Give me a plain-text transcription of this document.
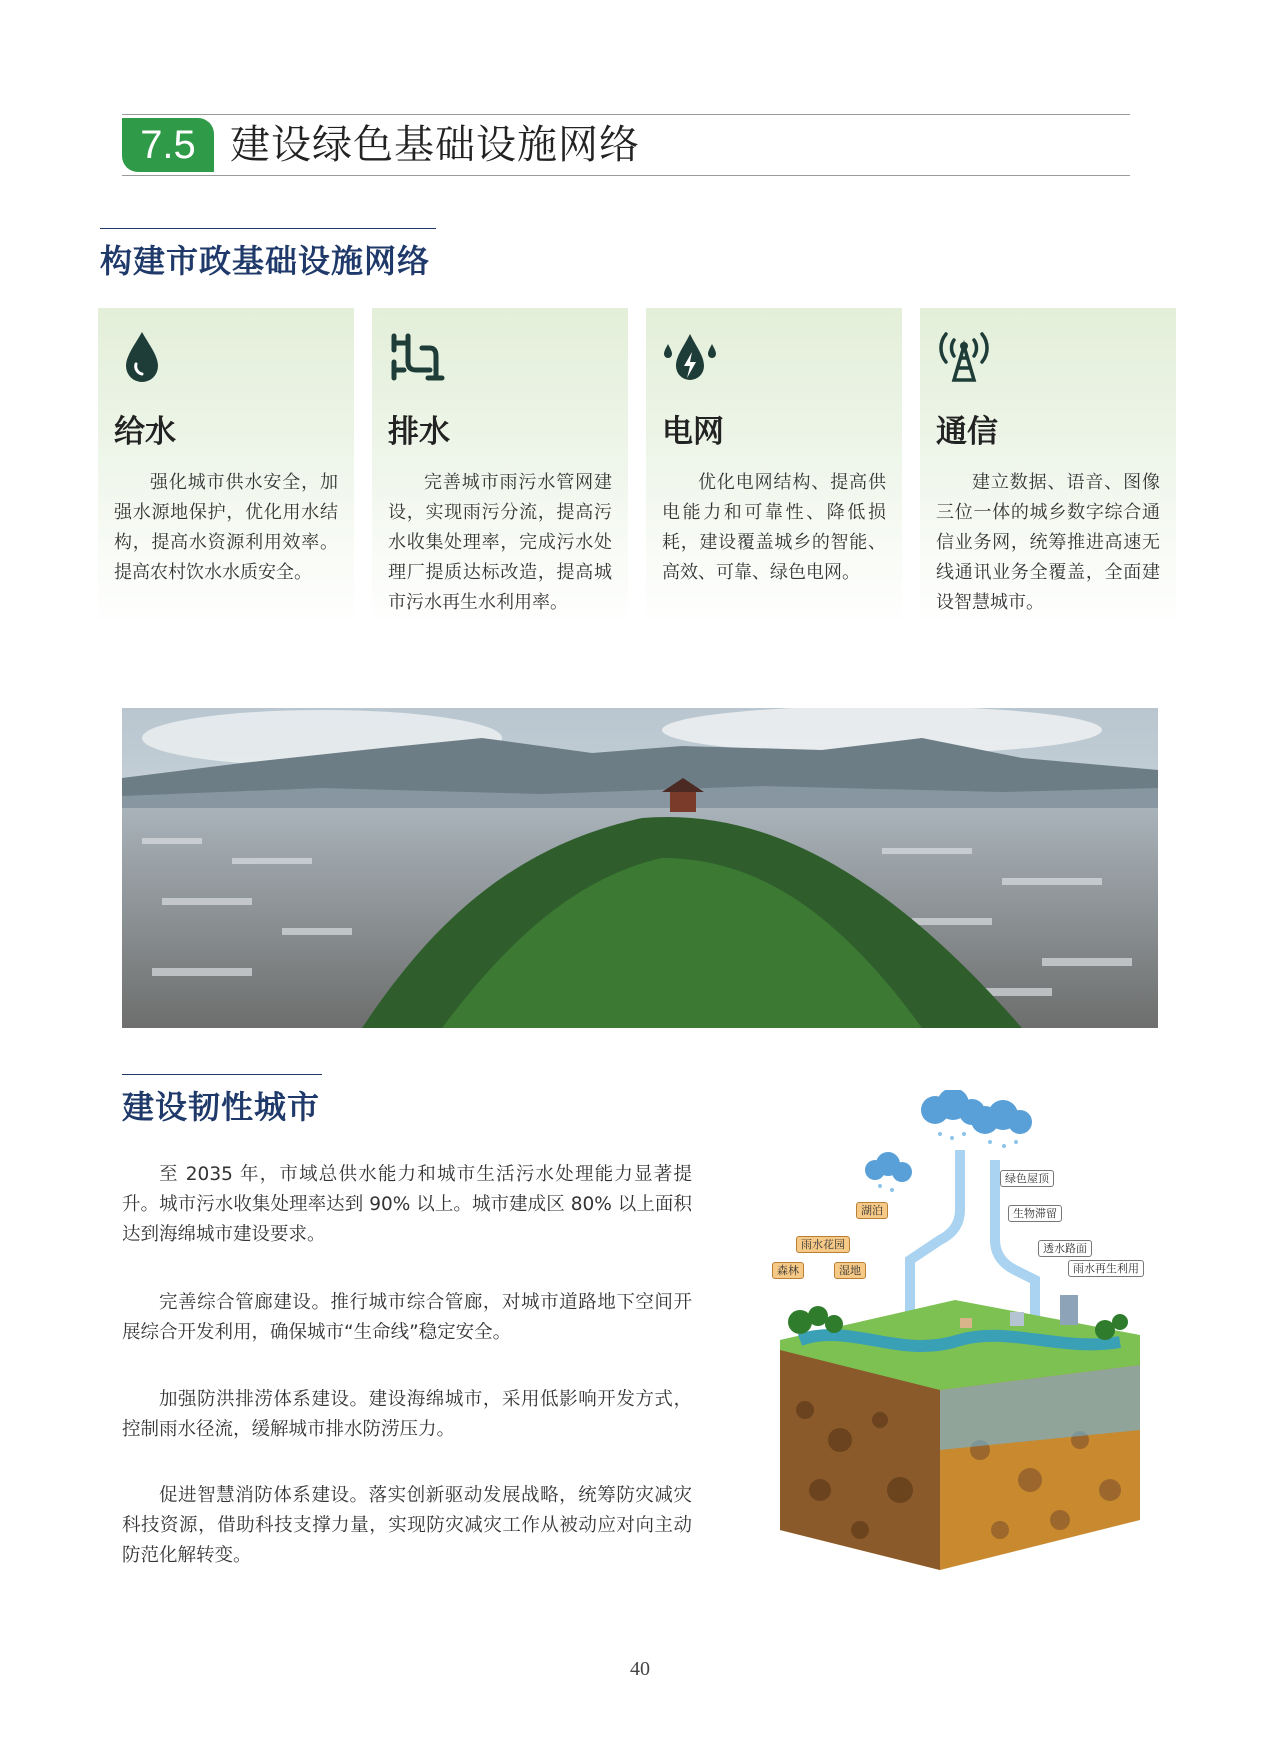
7.5 建设绿色基础设施网络
构建市政基础设施网络
给水
强化城市供水安全，加强水源地保护，优化用水结构，提高水资源利用效率。提高农村饮水水质安全。
排水
完善城市雨污水管网建设，实现雨污分流，提高污水收集处理率，完成污水处理厂提质达标改造，提高城市污水再生水利用率。
电网
优化电网结构、提高供电能力和可靠性、降低损耗，建设覆盖城乡的智能、高效、可靠、绿色电网。
通信
建立数据、语音、图像三位一体的城乡数字综合通信业务网，统筹推进高速无线通讯业务全覆盖，全面建设智慧城市。
建设韧性城市
至 2035 年，市域总供水能力和城市生活污水处理能力显著提升。城市污水收集处理率达到 90% 以上。城市建成区 80% 以上面积达到海绵城市建设要求。
完善综合管廊建设。推行城市综合管廊，对城市道路地下空间开展综合开发利用，确保城市“生命线”稳定安全。
加强防洪排涝体系建设。建设海绵城市，采用低影响开发方式，控制雨水径流，缓解城市排水防涝压力。
促进智慧消防体系建设。落实创新驱动发展战略，统筹防灾减灾科技资源，借助科技支撑力量，实现防灾减灾工作从被动应对向主动防范化解转变。
绿色屋顶
生物滞留
透水路面
雨水再生利用
湖泊
雨水花园
森林	湿地
40
